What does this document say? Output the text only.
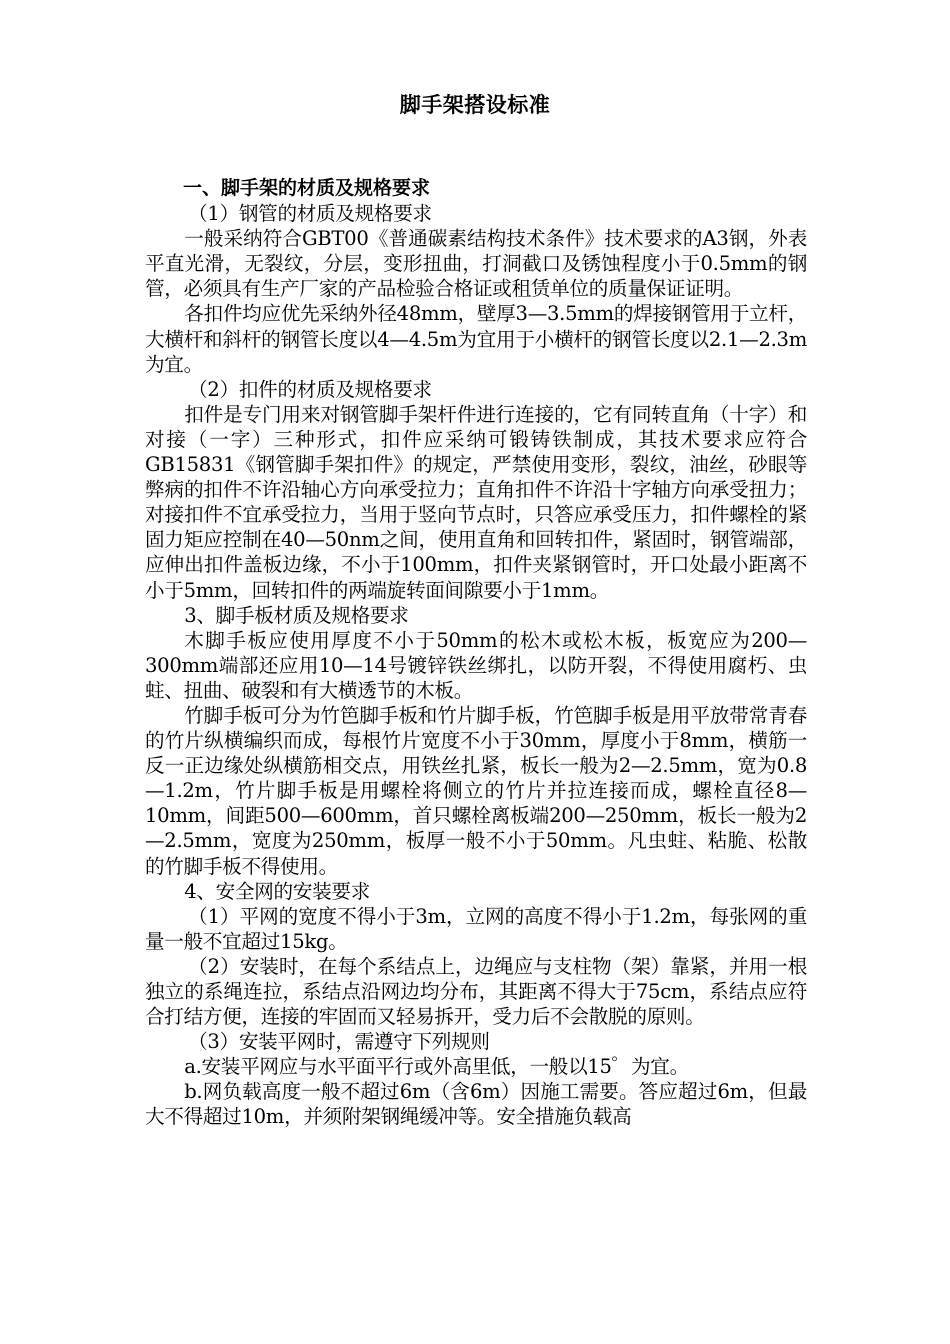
脚手架搭设标准

一、脚手架的材质及规格要求

（1）钢管的材质及规格要求

一般采纳符合GBT00《普通碳素结构技术条件》技术要求的A3钢，外表平直光滑，无裂纹，分层，变形扭曲，打洞截口及锈蚀程度小于0.5mm的钢管，必须具有生产厂家的产品检验合格证或租赁单位的质量保证证明。

各扣件均应优先采纳外径48mm，壁厚3—3.5mm的焊接钢管用于立杆，大横杆和斜杆的钢管长度以4—4.5m为宜用于小横杆的钢管长度以2.1—2.3m为宜。

（2）扣件的材质及规格要求

扣件是专门用来对钢管脚手架杆件进行连接的，它有同转直角（十字）和对接（一字）三种形式，扣件应采纳可锻铸铁制成，其技术要求应符合GB15831《钢管脚手架扣件》的规定，严禁使用变形，裂纹，油丝，砂眼等弊病的扣件不许沿轴心方向承受拉力；直角扣件不许沿十字轴方向承受扭力；对接扣件不宜承受拉力，当用于竖向节点时，只答应承受压力，扣件螺栓的紧固力矩应控制在40—50nm之间，使用直角和回转扣件，紧固时，钢管端部，应伸出扣件盖板边缘，不小于100mm，扣件夹紧钢管时，开口处最小距离不小于5mm，回转扣件的两端旋转面间隙要小于1mm。

3、脚手板材质及规格要求

木脚手板应使用厚度不小于50mm的松木或松木板，板宽应为200—300mm端部还应用10—14号镀锌铁丝绑扎，以防开裂，不得使用腐朽、虫蛀、扭曲、破裂和有大横透节的木板。

竹脚手板可分为竹笆脚手板和竹片脚手板，竹笆脚手板是用平放带常青春的竹片纵横编织而成，每根竹片宽度不小于30mm，厚度小于8mm，横筋一反一正边缘处纵横筋相交点，用铁丝扎紧，板长一般为2—2.5mm，宽为0.8—1.2m，竹片脚手板是用螺栓将侧立的竹片并拉连接而成，螺栓直径8—10mm，间距500—600mm，首只螺栓离板端200—250mm，板长一般为2—2.5mm，宽度为250mm，板厚一般不小于50mm。凡虫蛀、粘脆、松散的竹脚手板不得使用。

4、安全网的安装要求

（1）平网的宽度不得小于3m，立网的高度不得小于1.2m，每张网的重量一般不宜超过15kg。

（2）安装时，在每个系结点上，边绳应与支柱物（架）靠紧，并用一根独立的系绳连拉，系结点沿网边均分布，其距离不得大于75cm，系结点应符合打结方便，连接的牢固而又轻易拆开，受力后不会散脱的原则。

（3）安装平网时，需遵守下列规则

a.安装平网应与水平面平行或外高里低，一般以15゜为宜。

b.网负载高度一般不超过6m（含6m）因施工需要。答应超过6m，但最大不得超过10m，并须附架钢绳缓冲等。安全措施负载高
